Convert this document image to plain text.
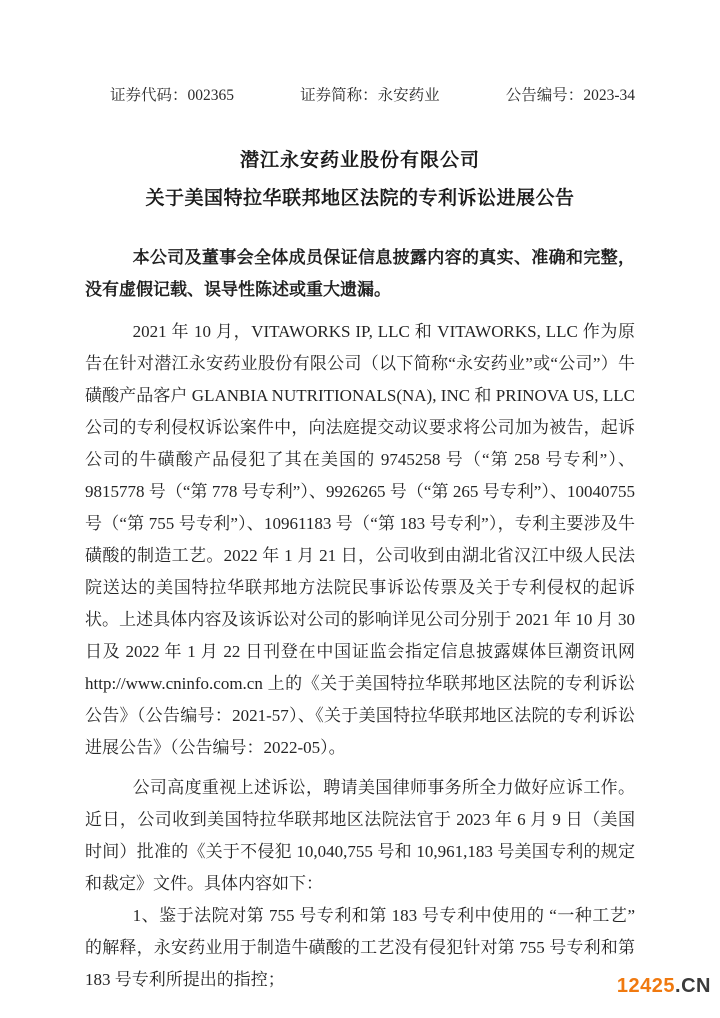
证券代码：002365	证券简称：永安药业	公告编号：2023-34
潜江永安药业股份有限公司
关于美国特拉华联邦地区法院的专利诉讼进展公告

本公司及董事会全体成员保证信息披露内容的真实、准确和完整，没有虚假记载、误导性陈述或重大遗漏。

2021 年 10 月，VITAWORKS IP, LLC 和 VITAWORKS, LLC 作为原告在针对潜江永安药业股份有限公司（以下简称“永安药业”或“公司”）牛磺酸产品客户 GLANBIA NUTRITIONALS(NA), INC 和 PRINOVA US, LLC 公司的专利侵权诉讼案件中，向法庭提交动议要求将公司加为被告，起诉公司的牛磺酸产品侵犯了其在美国的 9745258 号（“第 258 号专利”）、9815778 号（“第 778 号专利”）、9926265 号（“第 265 号专利”）、10040755 号（“第 755 号专利”）、10961183 号（“第 183 号专利”），专利主要涉及牛磺酸的制造工艺。2022 年 1 月 21 日，公司收到由湖北省汉江中级人民法院送达的美国特拉华联邦地方法院民事诉讼传票及关于专利侵权的起诉状。上述具体内容及该诉讼对公司的影响详见公司分别于 2021 年 10 月 30 日及 2022 年 1 月 22 日刊登在中国证监会指定信息披露媒体巨潮资讯网 http://www.cninfo.com.cn 上的《关于美国特拉华联邦地区法院的专利诉讼公告》（公告编号：2021-57）、《关于美国特拉华联邦地区法院的专利诉讼进展公告》（公告编号：2022-05）。

公司高度重视上述诉讼，聘请美国律师事务所全力做好应诉工作。近日，公司收到美国特拉华联邦地区法院法官于 2023 年 6 月 9 日（美国时间）批准的《关于不侵犯 10,040,755 号和 10,961,183 号美国专利的规定和裁定》文件。具体内容如下：

1、鉴于法院对第 755 号专利和第 183 号专利中使用的 “一种工艺” 的解释，永安药业用于制造牛磺酸的工艺没有侵犯针对第 755 号专利和第 183 号专利所提出的指控；	12425.CN
